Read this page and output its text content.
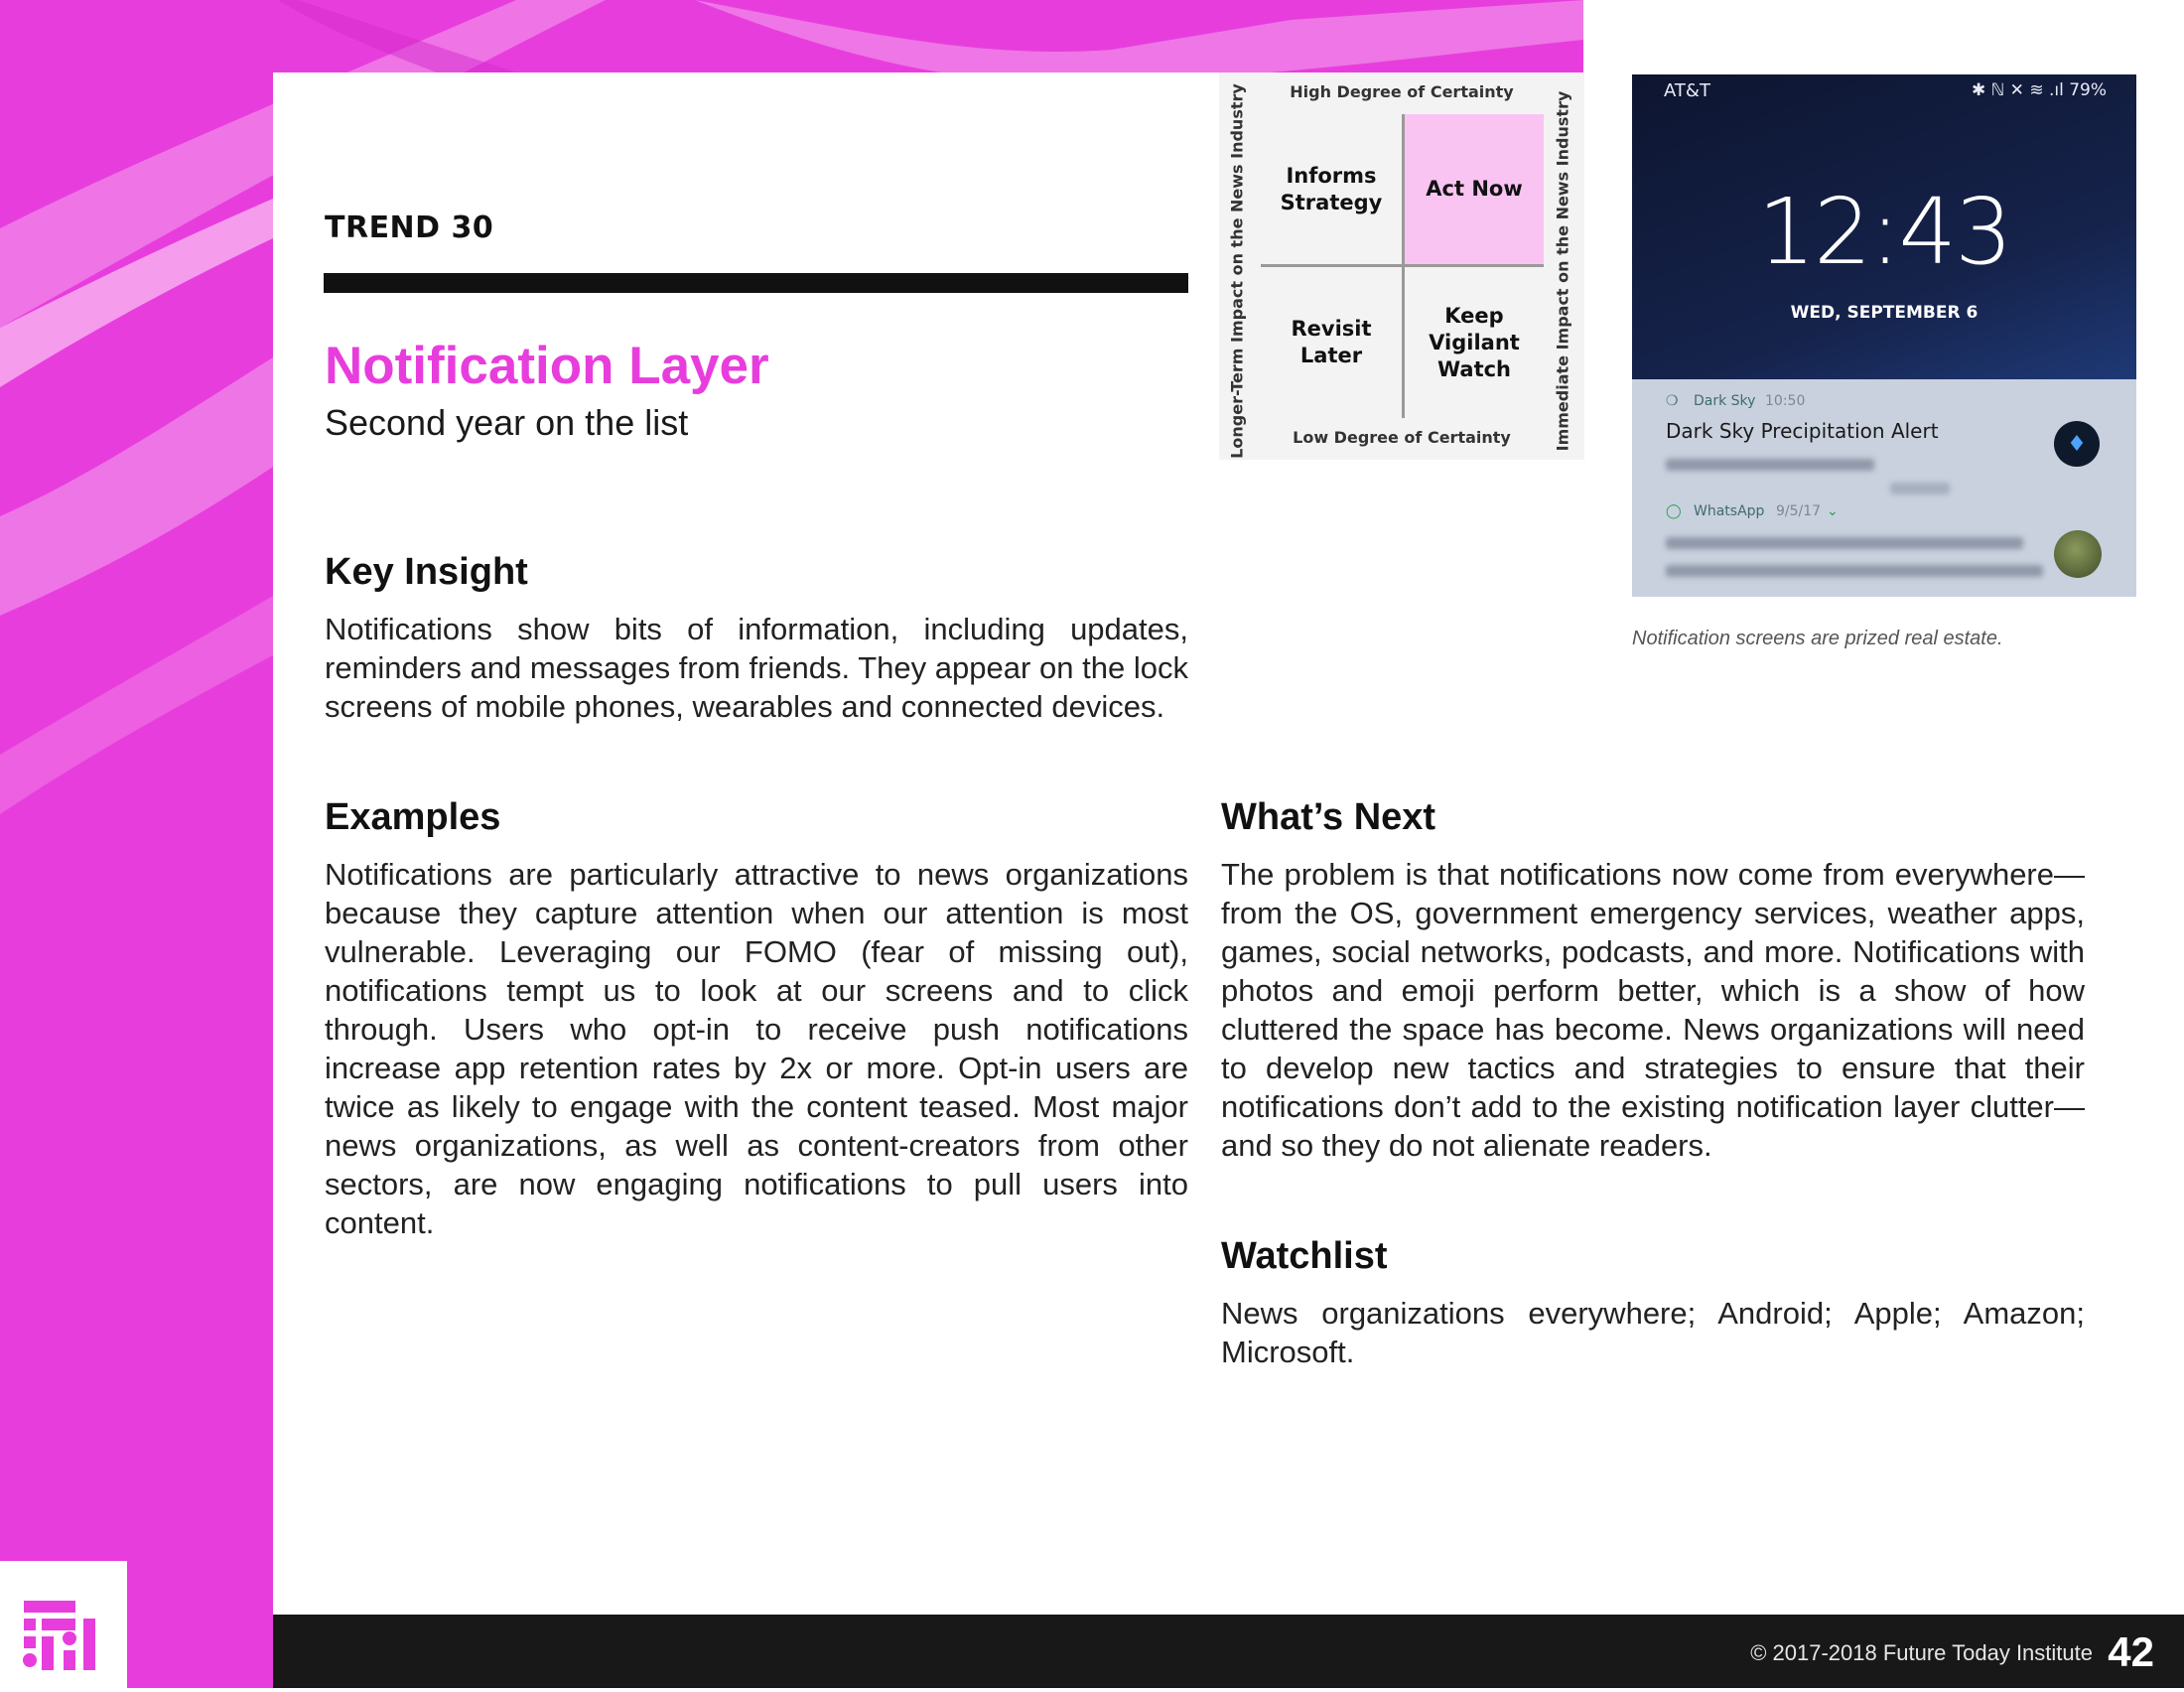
TREND 30
Notification Layer
Second year on the list
Key Insight
Notifications show bits of information, including updates, reminders and messages from friends. They appear on the lock screens of mobile phones, wearables and connected devices.
Examples
Notifications are particularly attractive to news organizations because they capture attention when our attention is most vulnerable. Leveraging our FOMO (fear of missing out), notifications tempt us to look at our screens and to click through. Users who opt-in to receive push notifications increase app retention rates by 2x or more. Opt-in users are twice as likely to engage with the content teased. Most major news organizations, as well as content-creators from other sectors, are now engaging notifications to pull users into content.
What’s Next
The problem is that notifications now come from everywhere—from the OS, government emergency services, weather apps, games, social networks, podcasts, and more. Notifications with photos and emoji perform better, which is a show of how cluttered the space has become. News organizations will need to develop new tactics and strategies to ensure that their notifications don’t add to the existing notification layer clutter—and so they do not alienate readers.
Watchlist
News organizations everywhere; Android; Apple; Amazon; Microsoft.
High Degree of Certainty
Low Degree of Certainty
Longer-Term Impact on the News Industry	Immediate Impact on the News Industry
Informs Strategy
Act Now
Revisit Later
Keep Vigilant Watch
AT&T	✱ ℕ ✕ ≋ .ıl 79%
12:43
WED, SEPTEMBER 6
❍ Dark Sky 10:50
Dark Sky Precipitation Alert
♦
◯ WhatsApp 9/5/17 ⌄
Notification screens are prized real estate.
© 2017-2018 Future Today Institute 42
